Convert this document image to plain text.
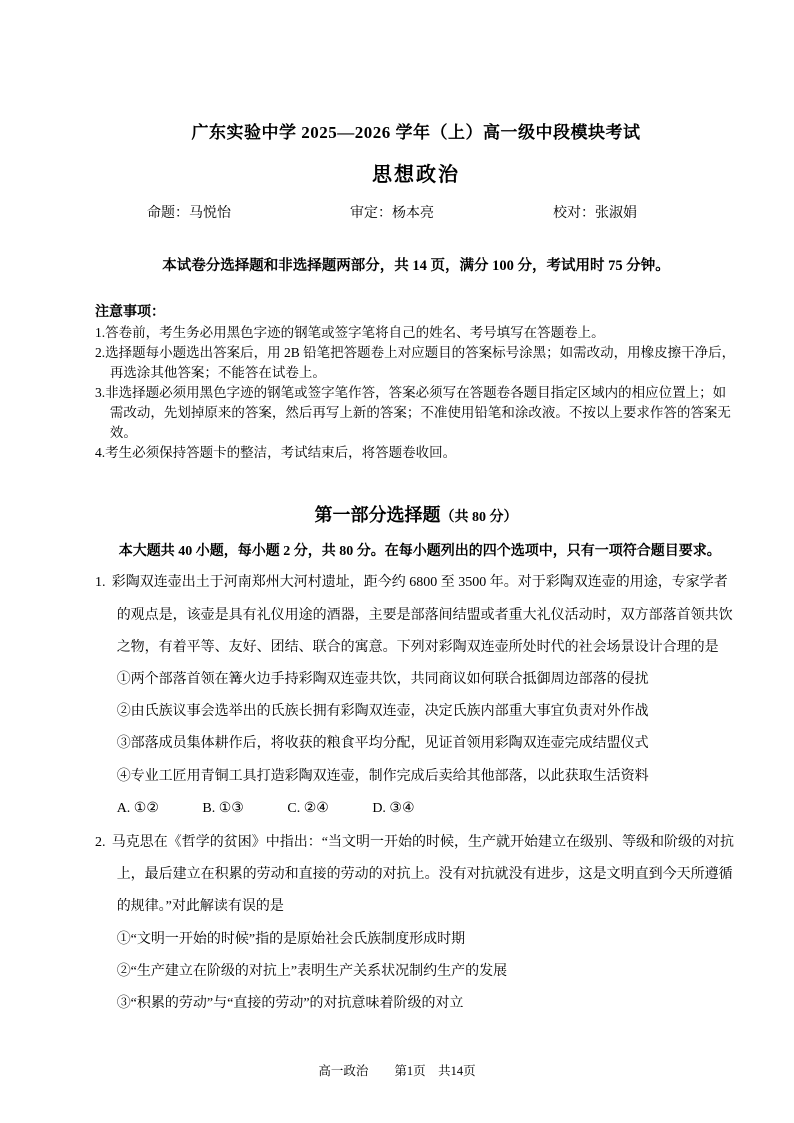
广东实验中学 2025—2026 学年（上）高一级中段模块考试
思想政治
命题：马悦怡	审定：杨本亮	校对：张淑娟
本试卷分选择题和非选择题两部分，共 14 页，满分 100 分，考试用时 75 分钟。
注意事项：
1.答卷前，考生务必用黑色字迹的钢笔或签字笔将自己的姓名、考号填写在答题卷上。
2.选择题每小题选出答案后，用 2B 铅笔把答题卷上对应题目的答案标号涂黑；如需改动，用橡皮擦干净后，再选涂其他答案；不能答在试卷上。
3.非选择题必须用黑色字迹的钢笔或签字笔作答，答案必须写在答题卷各题目指定区域内的相应位置上；如需改动，先划掉原来的答案，然后再写上新的答案；不准使用铅笔和涂改液。不按以上要求作答的答案无效。
4.考生必须保持答题卡的整洁，考试结束后，将答题卷收回。
第一部分选择题（共 80 分）
本大题共 40 小题，每小题 2 分，共 80 分。在每小题列出的四个选项中，只有一项符合题目要求。
1. 彩陶双连壶出土于河南郑州大河村遗址，距今约 6800 至 3500 年。对于彩陶双连壶的用途，专家学者的观点是，该壶是具有礼仪用途的酒器，主要是部落间结盟或者重大礼仪活动时，双方部落首领共饮之物，有着平等、友好、团结、联合的寓意。下列对彩陶双连壶所处时代的社会场景设计合理的是
①两个部落首领在篝火边手持彩陶双连壶共饮，共同商议如何联合抵御周边部落的侵扰
②由氏族议事会选举出的氏族长拥有彩陶双连壶，决定氏族内部重大事宜负责对外作战
③部落成员集体耕作后，将收获的粮食平均分配，见证首领用彩陶双连壶完成结盟仪式
④专业工匠用青铜工具打造彩陶双连壶，制作完成后卖给其他部落，以此获取生活资料
A. ①②	B. ①③	C. ②④	D. ③④
2. 马克思在《哲学的贫困》中指出：“当文明一开始的时候，生产就开始建立在级别、等级和阶级的对抗上，最后建立在积累的劳动和直接的劳动的对抗上。没有对抗就没有进步，这是文明直到今天所遵循的规律。”对此解读有误的是
①“文明一开始的时候”指的是原始社会氏族制度形成时期
②“生产建立在阶级的对抗上”表明生产关系状况制约生产的发展
③“积累的劳动”与“直接的劳动”的对抗意味着阶级的对立
高一政治 第1页　共14页
